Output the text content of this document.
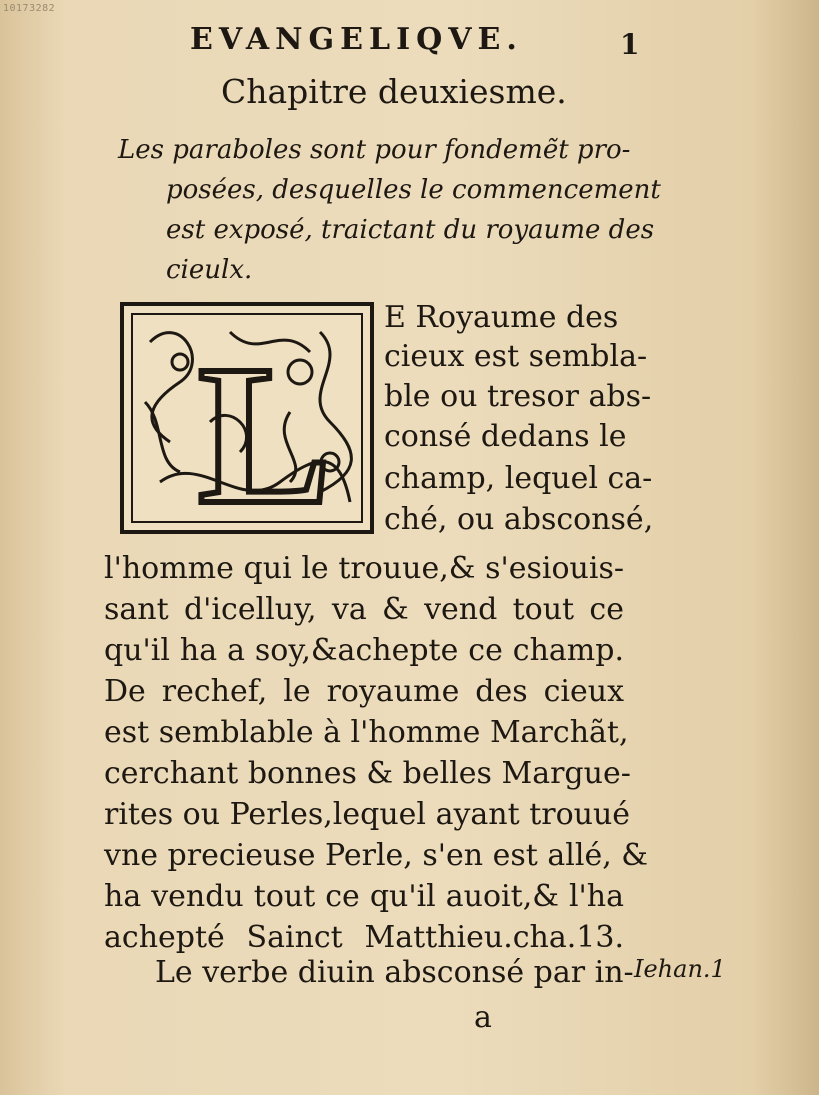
10173282
EVANGELIQVE.	1
Chapitre deuxiesme.
Les paraboles sont pour fondemẽt pro-
posées, desquelles le commencement
est exposé, traictant du royaume des
cieulx.
L
E Royaume des
cieux est sembla-
ble ou tresor abs-
consé dedans le
champ, lequel ca-
ché, ou absconsé,
l'homme qui le trouue,& s'esiouis-
sant d'icelluy, va & vend tout ce
qu'il ha a soy,&achepte ce champ.
De rechef, le royaume des cieux
est semblable à l'homme Marchãt,
cerchant bonnes & belles Margue-
rites ou Perles,lequel ayant trouué
vne precieuse Perle, s'en est allé, &
ha vendu tout ce qu'il auoit,& l'ha
achepté Sainct Matthieu.cha.13.
Le verbe diuin absconsé par in- Iehan.1
a
